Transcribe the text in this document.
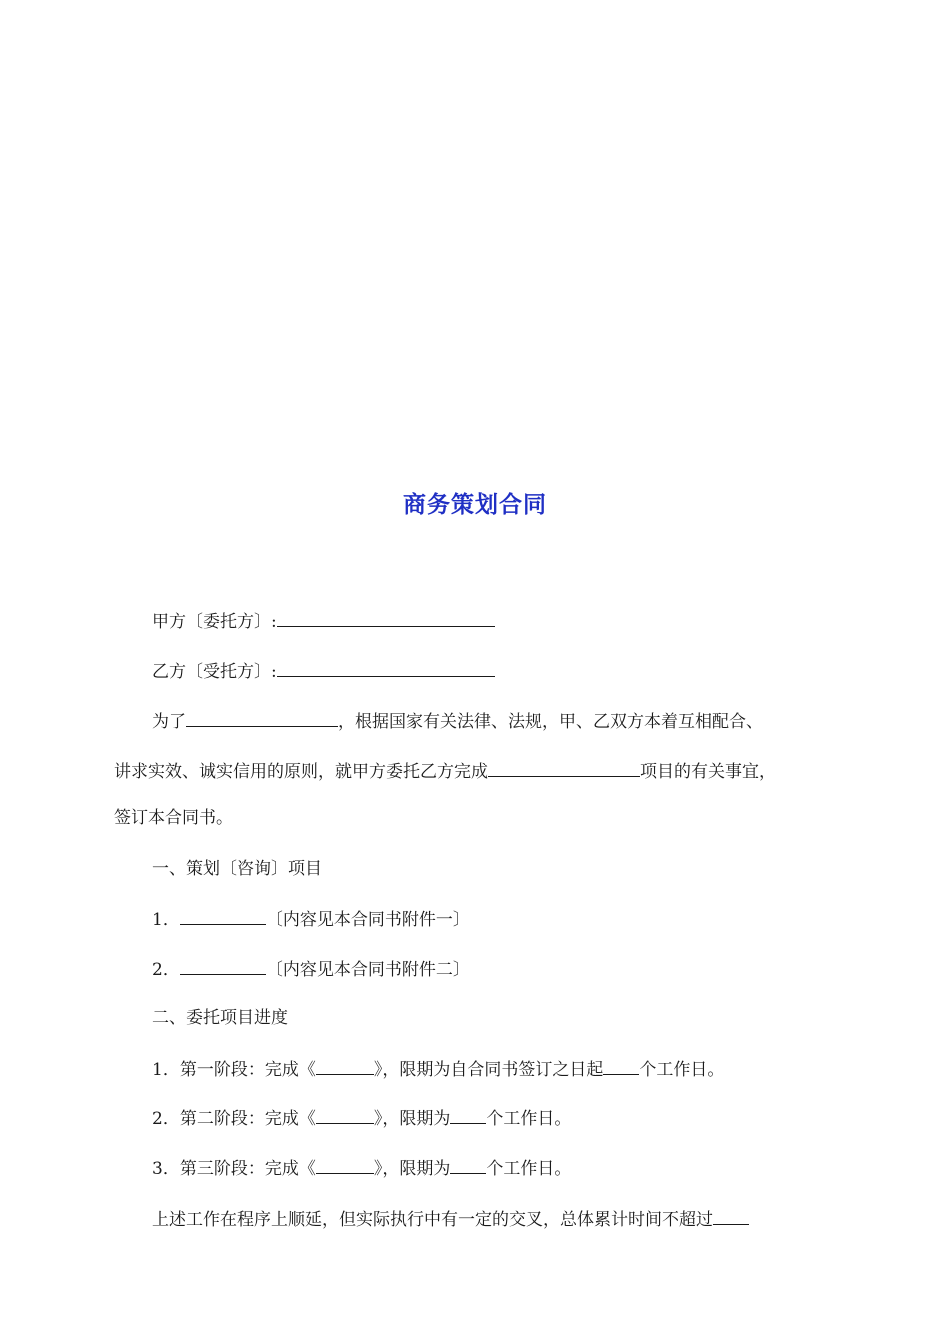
商务策划合同
甲方〔委托方〕:
乙方〔受托方〕:
为了	，根据国家有关法律、法规，甲、乙双方本着互相配合、
讲求实效、诚实信用的原则，就甲方委托乙方完成	项目的有关事宜，
签订本合同书。
一、策划〔咨询〕项目
1．	〔内容见本合同书附件一〕
2．	〔内容见本合同书附件二〕
二、委托项目进度
1．第一阶段：完成《	》，限期为自合同书签订之日起 个工作日。
2．第二阶段：完成《	》，限期为 个工作日。
3．第三阶段：完成《	》，限期为 个工作日。
上述工作在程序上顺延，但实际执行中有一定的交叉，总体累计时间不超过
